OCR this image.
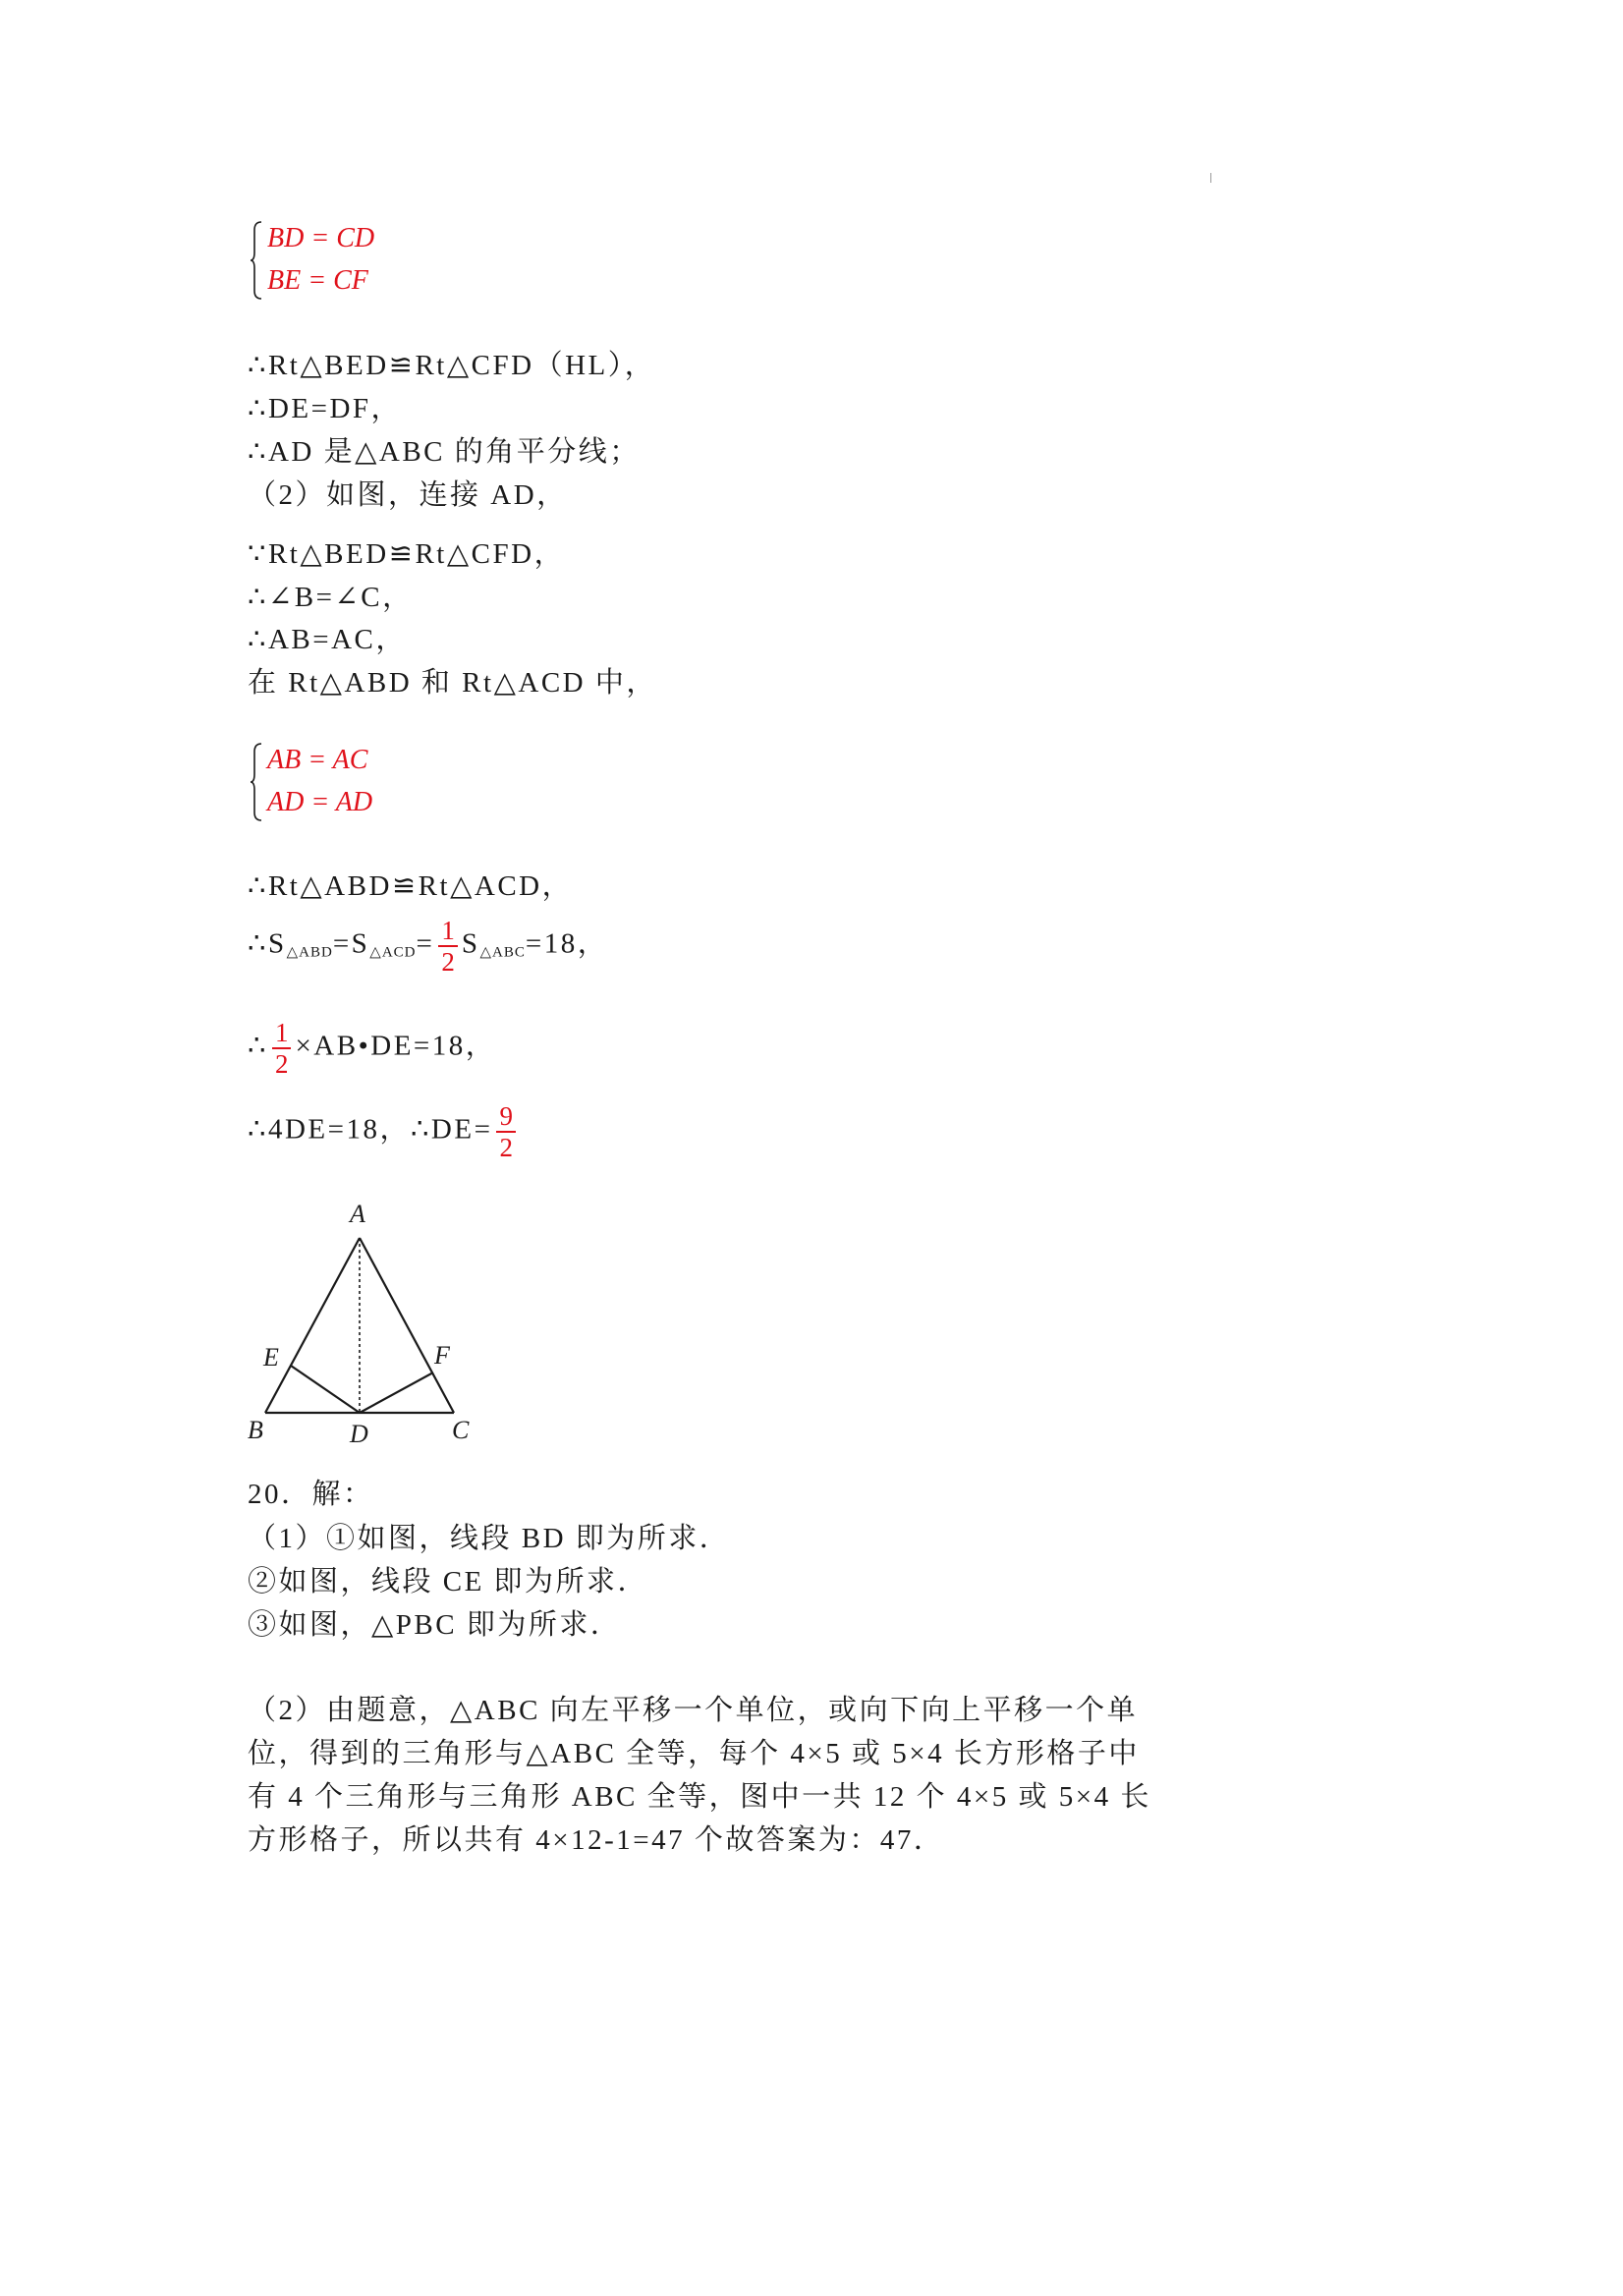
BD = CD
BE = CF
∴Rt△BED≌Rt△CFD（HL），
∴DE=DF，
∴AD 是△ABC 的角平分线；
（2）如图，连接 AD，
∵Rt△BED≌Rt△CFD，
∴∠B=∠C，
∴AB=AC，
在 Rt△ABD 和 Rt△ACD 中，
AB = AC
AD = AD
∴Rt△ABD≌Rt△ACD，
$\therefore S_{\triangle ABD}=S_{\triangle ACD}= \frac{1}{2} S_{\triangle ABC}=18$，
∴ $\frac{1}{2}$ ×AB•DE=18，
∴4DE=18，∴DE= $\frac{9}{2}$
A
E	F
B	D	C
20．解：
（1）①如图，线段 BD 即为所求．
②如图，线段 CE 即为所求．
③如图，△PBC 即为所求．
（2）由题意，△ABC 向左平移一个单位，或向下向上平移一个单
位，得到的三角形与△ABC 全等，每个 4×5 或 5×4 长方形格子中
有 4 个三角形与三角形 ABC 全等，图中一共 12 个 4×5 或 5×4 长
方形格子，所以共有 4×12-1=47 个故答案为：47．
